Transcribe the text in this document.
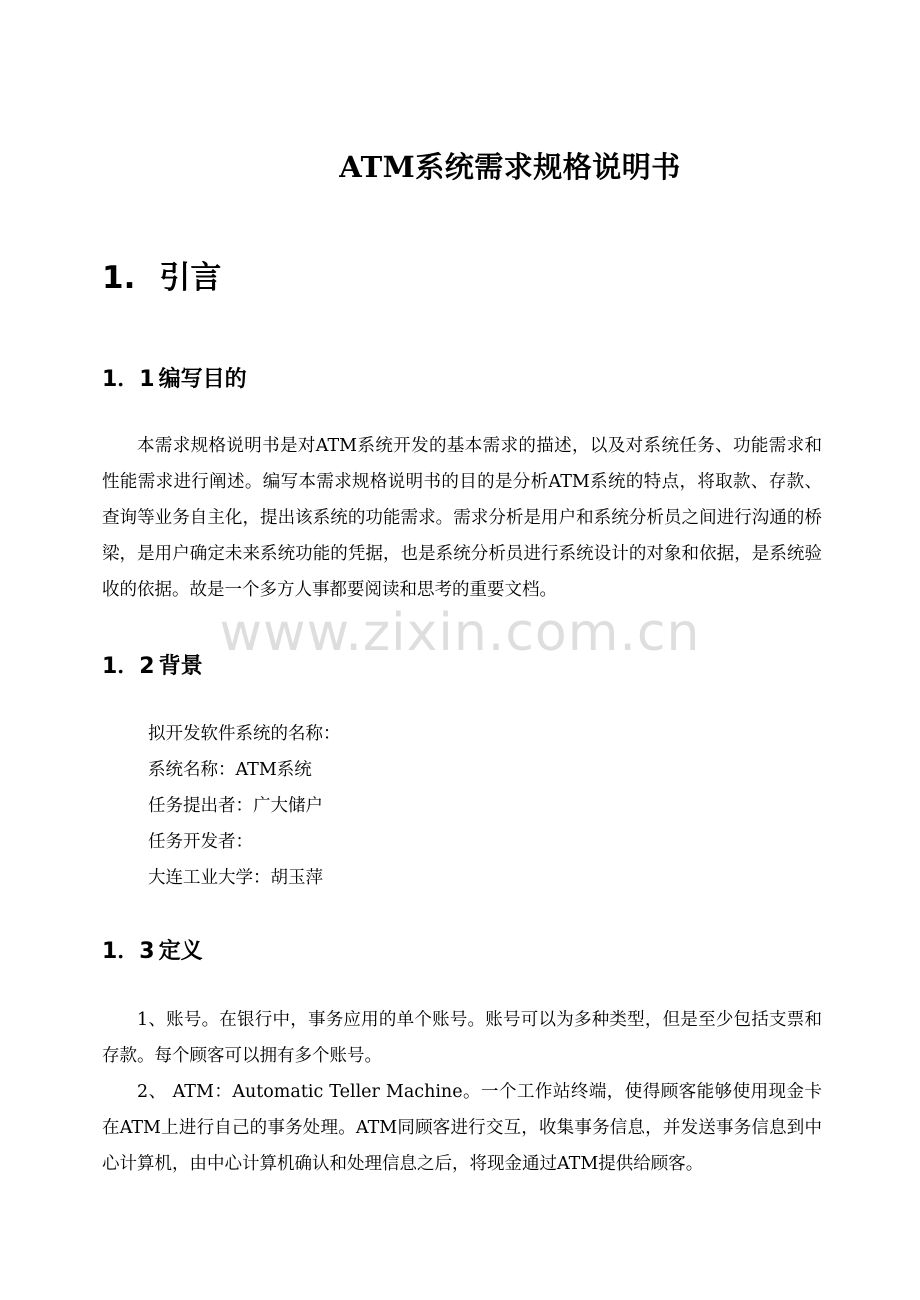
ATM系统需求规格说明书
1. 引言
1．1 编写目的

本需求规格说明书是对ATM系统开发的基本需求的描述，以及对系统任务、功能需求和性能需求进行阐述。编写本需求规格说明书的目的是分析ATM系统的特点，将取款、存款、查询等业务自主化，提出该系统的功能需求。需求分析是用户和系统分析员之间进行沟通的桥梁，是用户确定未来系统功能的凭据，也是系统分析员进行系统设计的对象和依据，是系统验收的依据。故是一个多方人事都要阅读和思考的重要文档。

www.zixin.com.cn
1．2 背景

拟开发软件系统的名称：

系统名称：ATM系统

任务提出者：广大储户

任务开发者：

大连工业大学：胡玉萍

1．3 定义

1、账号。在银行中，事务应用的单个账号。账号可以为多种类型，但是至少包括支票和存款。每个顾客可以拥有多个账号。

2、 ATM：Automatic Teller Machine。一个工作站终端，使得顾客能够使用现金卡在ATM上进行自己的事务处理。ATM同顾客进行交互，收集事务信息，并发送事务信息到中心计算机，由中心计算机确认和处理信息之后，将现金通过ATM提供给顾客。
